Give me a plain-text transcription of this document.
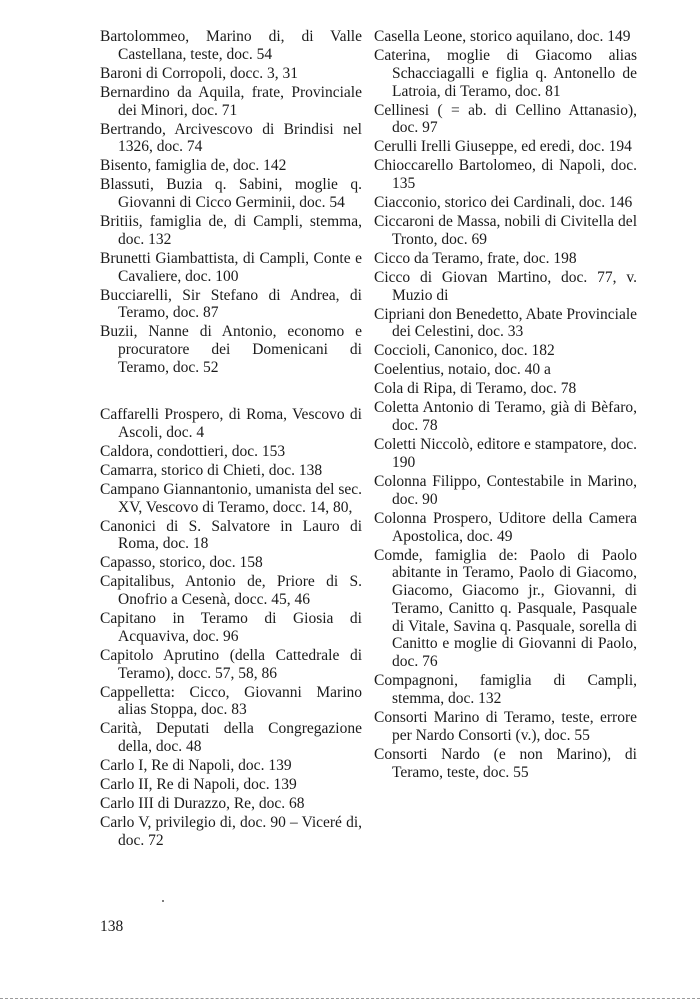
Bartolommeo, Marino di, di Valle Castellana, teste, doc. 54
Baroni di Corropoli, docc. 3, 31
Bernardino da Aquila, frate, Provinciale dei Minori, doc. 71
Bertrando, Arcivescovo di Brindisi nel 1326, doc. 74
Bisento, famiglia de, doc. 142
Blassuti, Buzia q. Sabini, moglie q. Giovanni di Cicco Germinii, doc. 54
Britiis, famiglia de, di Campli, stemma, doc. 132
Brunetti Giambattista, di Campli, Conte e Cavaliere, doc. 100
Bucciarelli, Sir Stefano di Andrea, di Teramo, doc. 87
Buzii, Nanne di Antonio, economo e procuratore dei Domenicani di Teramo, doc. 52
Caffarelli Prospero, di Roma, Vescovo di Ascoli, doc. 4
Caldora, condottieri, doc. 153
Camarra, storico di Chieti, doc. 138
Campano Giannantonio, umanista del sec. XV, Vescovo di Teramo, docc. 14, 80,
Canonici di S. Salvatore in Lauro di Roma, doc. 18
Capasso, storico, doc. 158
Capitalibus, Antonio de, Priore di S. Onofrio a Cesenà, docc. 45, 46
Capitano in Teramo di Giosia di Acquaviva, doc. 96
Capitolo Aprutino (della Cattedrale di Teramo), docc. 57, 58, 86
Cappelletta: Cicco, Giovanni Marino alias Stoppa, doc. 83
Carità, Deputati della Congregazione della, doc. 48
Carlo I, Re di Napoli, doc. 139
Carlo II, Re di Napoli, doc. 139
Carlo III di Durazzo, Re, doc. 68
Carlo V, privilegio di, doc. 90 – Viceré di, doc. 72
Casella Leone, storico aquilano, doc. 149
Caterina, moglie di Giacomo alias Schacciagalli e figlia q. Antonello de Latroia, di Teramo, doc. 81
Cellinesi ( = ab. di Cellino Attanasio), doc. 97
Cerulli Irelli Giuseppe, ed eredi, doc. 194
Chioccarello Bartolomeo, di Napoli, doc. 135
Ciacconio, storico dei Cardinali, doc. 146
Ciccaroni de Massa, nobili di Civitella del Tronto, doc. 69
Cicco da Teramo, frate, doc. 198
Cicco di Giovan Martino, doc. 77, v. Muzio di
Cipriani don Benedetto, Abate Provinciale dei Celestini, doc. 33
Coccioli, Canonico, doc. 182
Coelentius, notaio, doc. 40 a
Cola di Ripa, di Teramo, doc. 78
Coletta Antonio di Teramo, già di Bèfaro, doc. 78
Coletti Niccolò, editore e stampatore, doc. 190
Colonna Filippo, Contestabile in Marino, doc. 90
Colonna Prospero, Uditore della Camera Apostolica, doc. 49
Comde, famiglia de: Paolo di Paolo abitante in Teramo, Paolo di Giacomo, Giacomo, Giacomo jr., Giovanni, di Teramo, Canitto q. Pasquale, Pasquale di Vitale, Savina q. Pasquale, sorella di Canitto e moglie di Giovanni di Paolo, doc. 76
Compagnoni, famiglia di Campli, stemma, doc. 132
Consorti Marino di Teramo, teste, errore per Nardo Consorti (v.), doc. 55
Consorti Nardo (e non Marino), di Teramo, teste, doc. 55
138
